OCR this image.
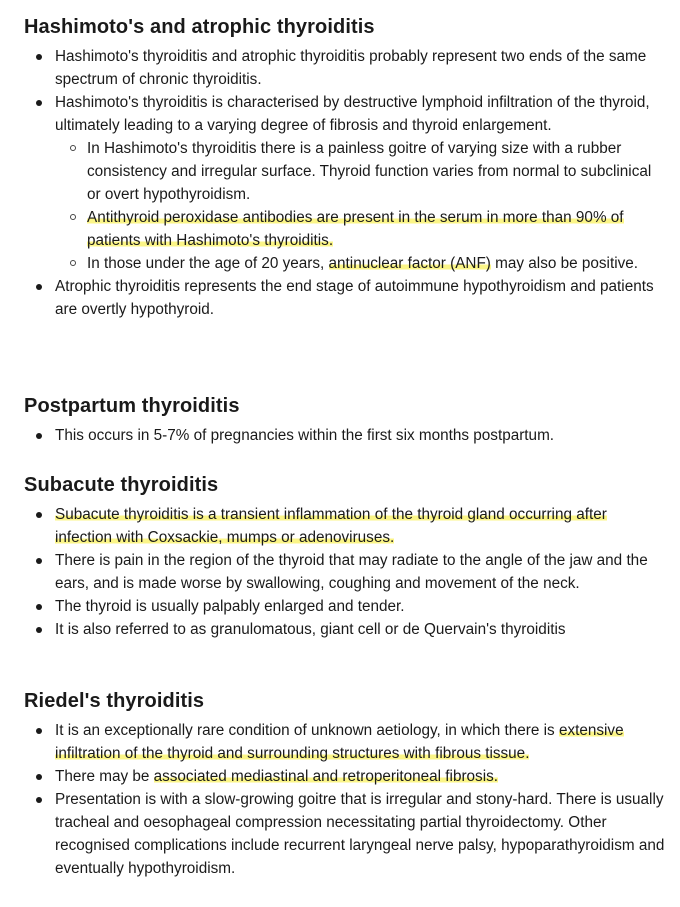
Hashimoto's and atrophic thyroiditis
Hashimoto's thyroiditis and atrophic thyroiditis probably represent two ends of the same spectrum of chronic thyroiditis.
Hashimoto's thyroiditis is characterised by destructive lymphoid infiltration of the thyroid, ultimately leading to a varying degree of fibrosis and thyroid enlargement.
In Hashimoto's thyroiditis there is a painless goitre of varying size with a rubber consistency and irregular surface. Thyroid function varies from normal to subclinical or overt hypothyroidism.
Antithyroid peroxidase antibodies are present in the serum in more than 90% of patients with Hashimoto's thyroiditis.
In those under the age of 20 years, antinuclear factor (ANF) may also be positive.
Atrophic thyroiditis represents the end stage of autoimmune hypothyroidism and patients are overtly hypothyroid.
Postpartum thyroiditis
This occurs in 5-7% of pregnancies within the first six months postpartum.
Subacute thyroiditis
Subacute thyroiditis is a transient inflammation of the thyroid gland occurring after infection with Coxsackie, mumps or adenoviruses.
There is pain in the region of the thyroid that may radiate to the angle of the jaw and the ears, and is made worse by swallowing, coughing and movement of the neck.
The thyroid is usually palpably enlarged and tender.
It is also referred to as granulomatous, giant cell or de Quervain's thyroiditis
Riedel's thyroiditis
It is an exceptionally rare condition of unknown aetiology, in which there is extensive infiltration of the thyroid and surrounding structures with fibrous tissue.
There may be associated mediastinal and retroperitoneal fibrosis.
Presentation is with a slow-growing goitre that is irregular and stony-hard. There is usually tracheal and oesophageal compression necessitating partial thyroidectomy. Other recognised complications include recurrent laryngeal nerve palsy, hypoparathyroidism and eventually hypothyroidism.
